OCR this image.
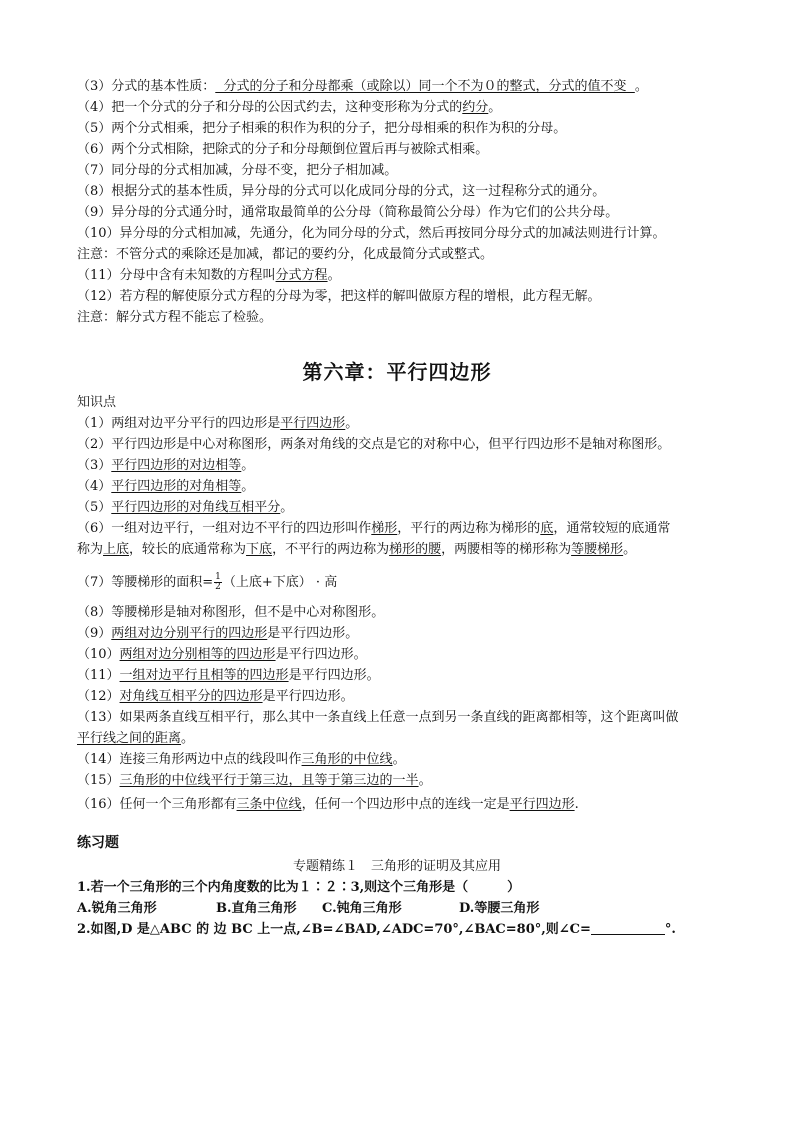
（3）分式的基本性质：  分式的分子和分母都乘（或除以）同一个不为０的整式，分式的值不变  。
（4）把一个分式的分子和分母的公因式约去，这种变形称为分式的约分。
（5）两个分式相乘，把分子相乘的积作为积的分子，把分母相乘的积作为积的分母。
（6）两个分式相除，把除式的分子和分母颠倒位置后再与被除式相乘。
（7）同分母的分式相加减，分母不变，把分子相加减。
（8）根据分式的基本性质，异分母的分式可以化成同分母的分式，这一过程称分式的通分。
（9）异分母的分式通分时，通常取最简单的公分母（简称最简公分母）作为它们的公共分母。
（10）异分母的分式相加减，先通分，化为同分母的分式，然后再按同分母分式的加减法则进行计算。
注意：不管分式的乘除还是加减，都记的要约分，化成最简分式或整式。
（11）分母中含有未知数的方程叫分式方程。
（12）若方程的解使原分式方程的分母为零，把这样的解叫做原方程的增根，此方程无解。
注意：解分式方程不能忘了检验。
第六章：平行四边形
知识点
（1）两组对边平分平行的四边形是平行四边形。
（2）平行四边形是中心对称图形，两条对角线的交点是它的对称中心，但平行四边形不是轴对称图形。
（3）平行四边形的对边相等。
（4）平行四边形的对角相等。
（5）平行四边形的对角线互相平分。
（6）一组对边平行，一组对边不平行的四边形叫作梯形，平行的两边称为梯形的底，通常较短的底通常
称为上底，较长的底通常称为下底，不平行的两边称为梯形的腰，两腰相等的梯形称为等腰梯形。
（7）等腰梯形的面积= $\frac{1}{2}$ （上底+下底） · 高
（8）等腰梯形是轴对称图形，但不是中心对称图形。
（9）两组对边分别平行的四边形是平行四边形。
（10）两组对边分别相等的四边形是平行四边形。
（11）一组对边平行且相等的四边形是平行四边形。
（12）对角线互相平分的四边形是平行四边形。
（13）如果两条直线互相平行，那么其中一条直线上任意一点到另一条直线的距离都相等，这个距离叫做
平行线之间的距离。
（14）连接三角形两边中点的线段叫作三角形的中位线。
（15）三角形的中位线平行于第三边，且等于第三边的一半。
（16）任何一个三角形都有三条中位线，任何一个四边形中点的连线一定是平行四边形.
练习题
专题精练１　三角形的证明及其应用
1.若一个三角形的三个内角度数的比为１∶２∶3,则这个三角形是（　　　）
A.锐角三角形	B.直角三角形 C.钝角三角形	D.等腰三角形
2.如图,D 是△ABC 的 边 BC 上一点,∠B=∠BAD,∠ADC=70°,∠BAC=80°,则∠C=	°.
